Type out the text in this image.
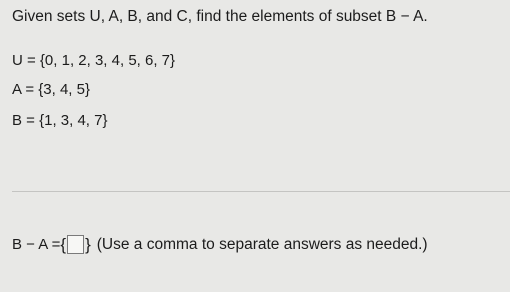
Given sets U, A, B, and C, find the elements of subset B − A.
U = {0, 1, 2, 3, 4, 5, 6, 7}
A = {3, 4, 5}
B = {1, 3, 4, 7}
B − A = { } (Use a comma to separate answers as needed.)
